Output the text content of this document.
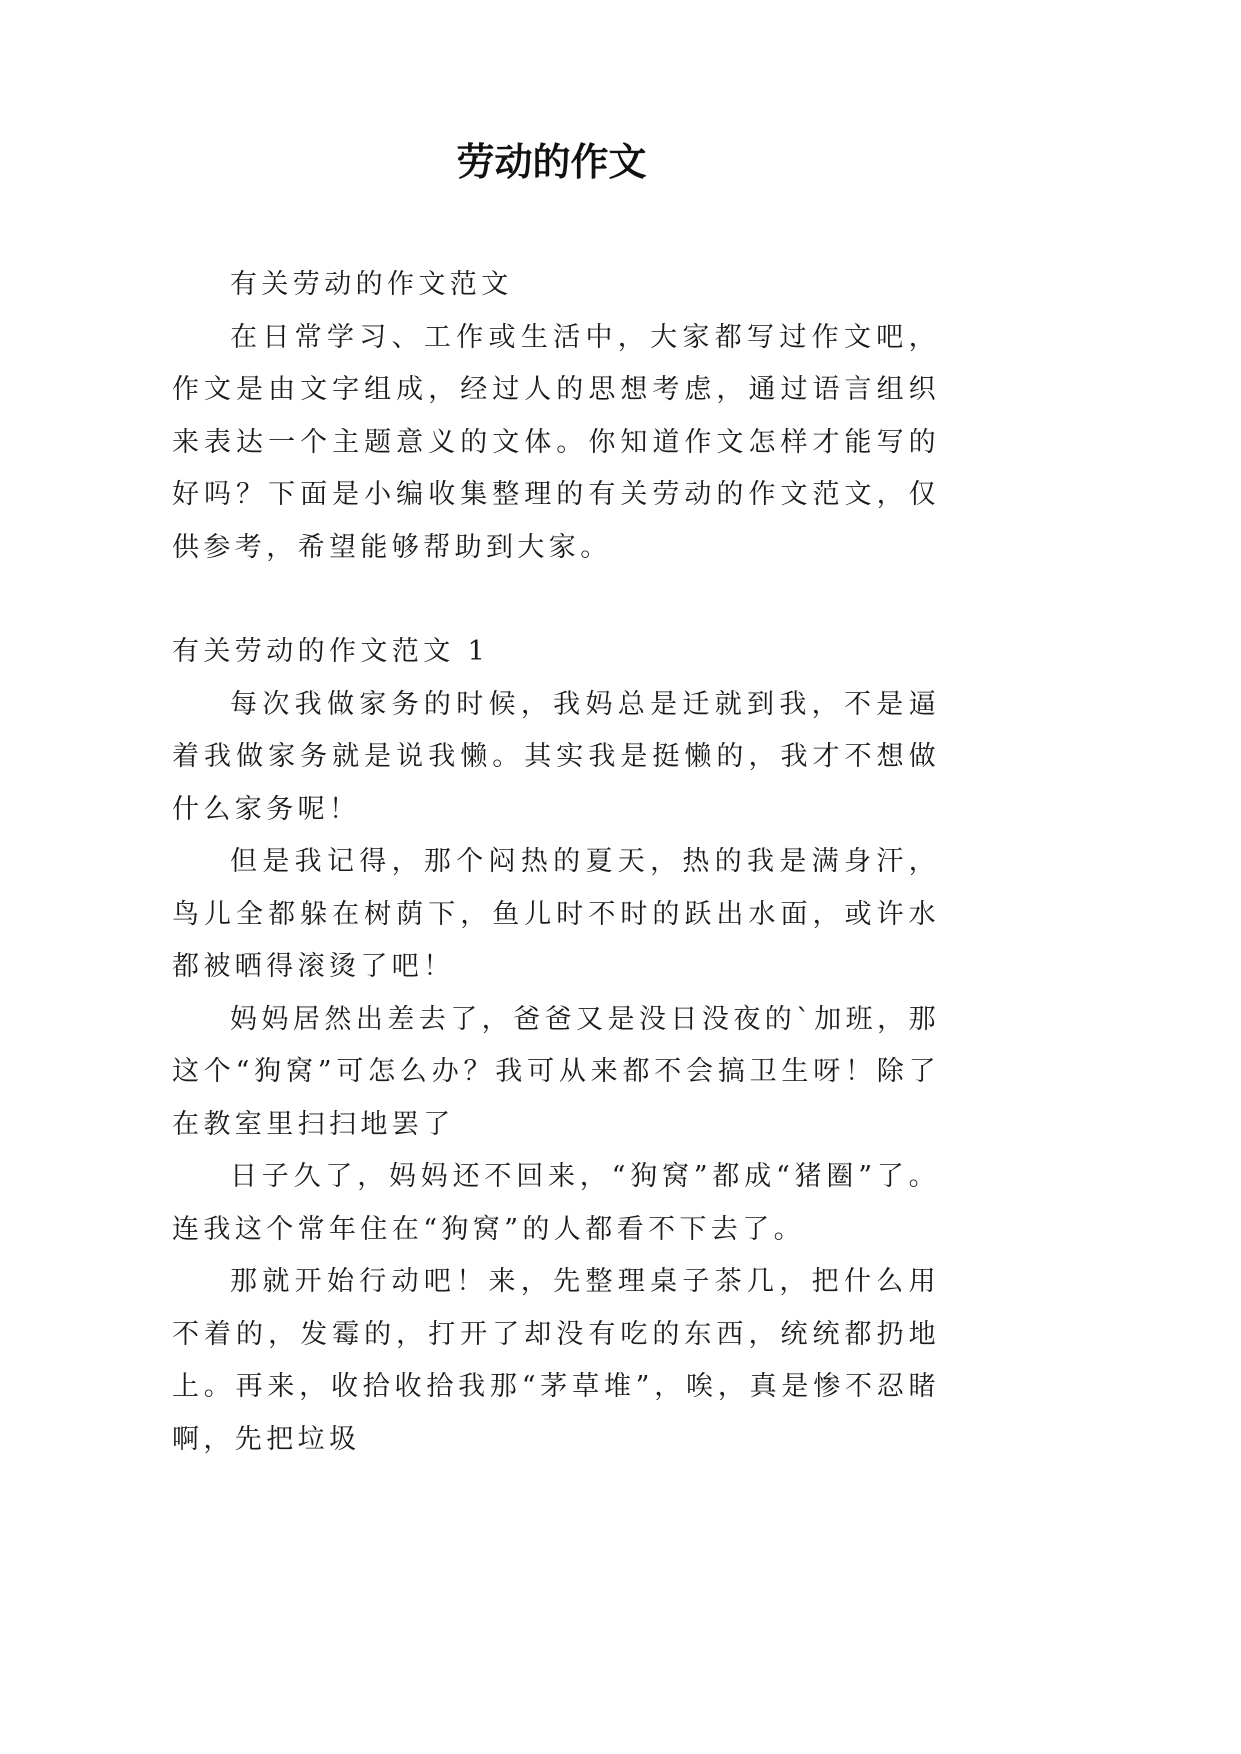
劳动的作文

有关劳动的作文范文

在日常学习、工作或生活中，大家都写过作文吧，作文是由文字组成，经过人的思想考虑，通过语言组织来表达一个主题意义的文体。你知道作文怎样才能写的好吗？下面是小编收集整理的有关劳动的作文范文，仅供参考，希望能够帮助到大家。

有关劳动的作文范文 1

每次我做家务的时候，我妈总是迁就到我，不是逼着我做家务就是说我懒。其实我是挺懒的，我才不想做什么家务呢！

但是我记得，那个闷热的夏天，热的我是满身汗，鸟儿全都躲在树荫下，鱼儿时不时的跃出水面，或许水都被晒得滚烫了吧！

妈妈居然出差去了，爸爸又是没日没夜的`加班，那这个“狗窝”可怎么办？我可从来都不会搞卫生呀！除了在教室里扫扫地罢了

日子久了，妈妈还不回来，“狗窝”都成“猪圈”了。连我这个常年住在“狗窝”的人都看不下去了。

那就开始行动吧！来，先整理桌子茶几，把什么用不着的，发霉的，打开了却没有吃的东西，统统都扔地上。再来，收拾收拾我那“茅草堆”，唉，真是惨不忍睹啊，先把垃圾
